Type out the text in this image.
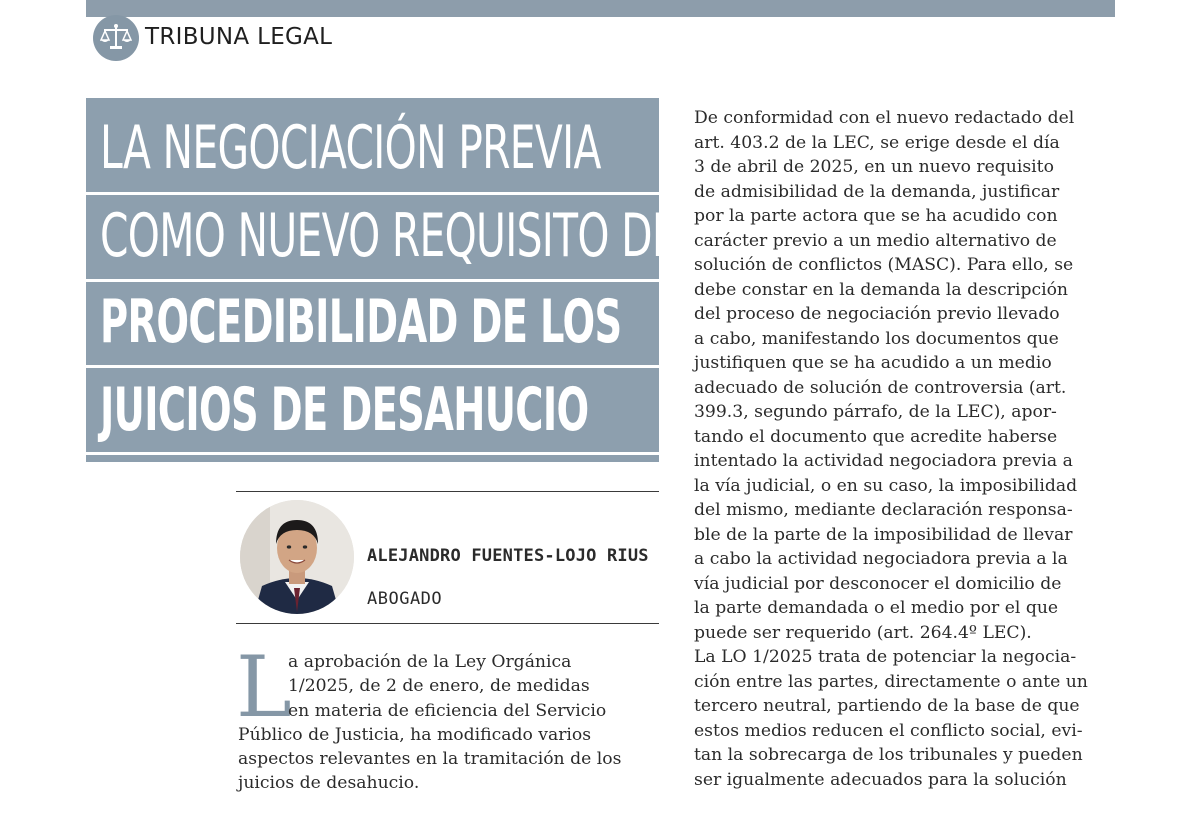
TRIBUNA LEGAL
LA NEGOCIACIÓN PREVIA
COMO NUEVO REQUISITO DE
PROCEDIBILIDAD DE LOS
JUICIOS DE DESAHUCIO
ALEJANDRO FUENTES-LOJO RIUS
ABOGADO
L
a aprobación de la Ley Orgánica
1/2025, de 2 de enero, de medidas
en materia de eficiencia del Servicio
Público de Justicia, ha modificado varios
aspectos relevantes en la tramitación de los
juicios de desahucio.
De conformidad con el nuevo redactado del
art. 403.2 de la LEC, se erige desde el día
3 de abril de 2025, en un nuevo requisito
de admisibilidad de la demanda, justificar
por la parte actora que se ha acudido con
carácter previo a un medio alternativo de
solución de conflictos (MASC). Para ello, se
debe constar en la demanda la descripción
del proceso de negociación previo llevado
a cabo, manifestando los documentos que
justifiquen que se ha acudido a un medio
adecuado de solución de controversia (art.
399.3, segundo párrafo, de la LEC), apor-
tando el documento que acredite haberse
intentado la actividad negociadora previa a
la vía judicial, o en su caso, la imposibilidad
del mismo, mediante declaración responsa-
ble de la parte de la imposibilidad de llevar
a cabo la actividad negociadora previa a la
vía judicial por desconocer el domicilio de
la parte demandada o el medio por el que
puede ser requerido (art. 264.4º LEC).
La LO 1/2025 trata de potenciar la negocia-
ción entre las partes, directamente o ante un
tercero neutral, partiendo de la base de que
estos medios reducen el conflicto social, evi-
tan la sobrecarga de los tribunales y pueden
ser igualmente adecuados para la solución
